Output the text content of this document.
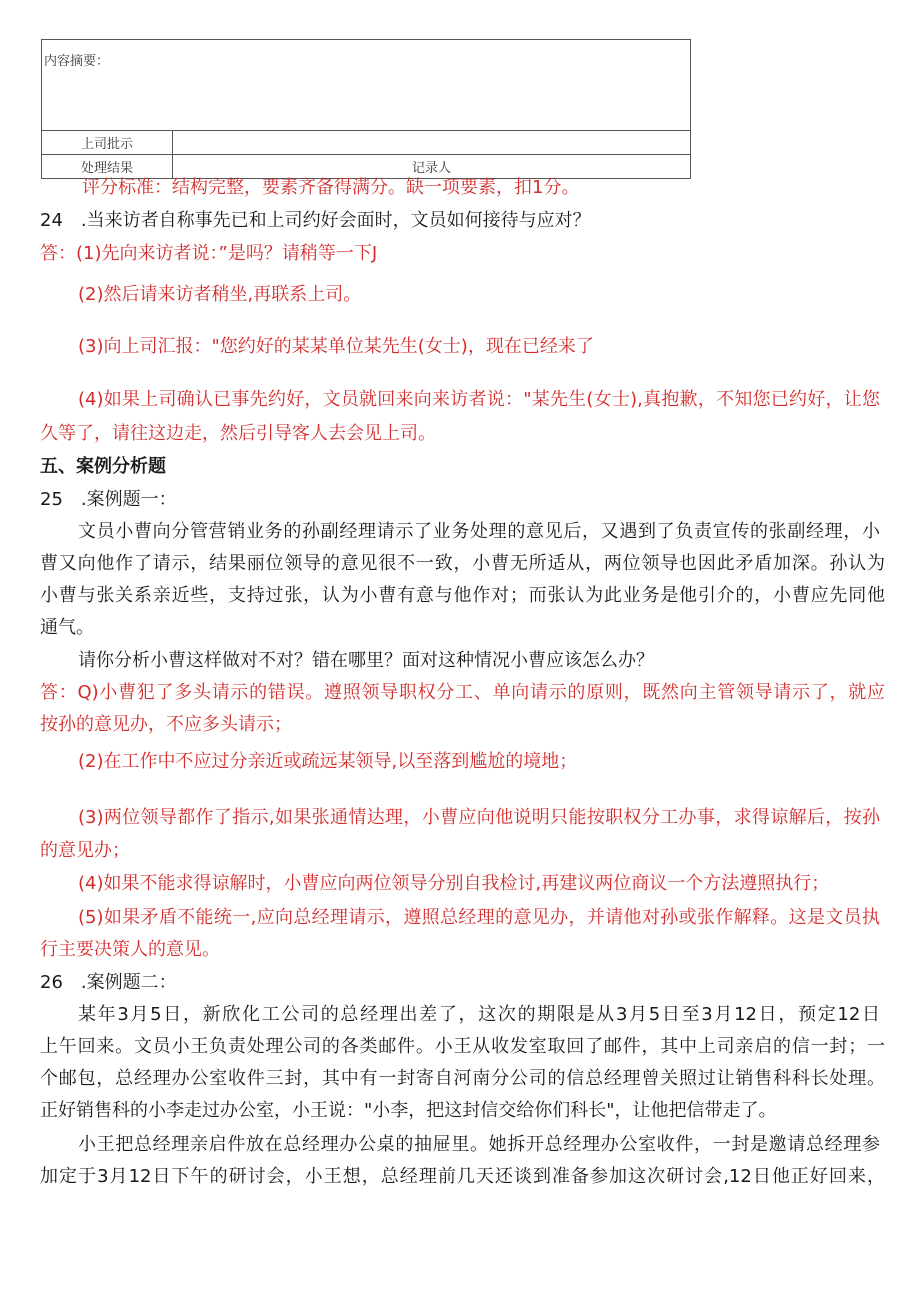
内容摘要：	
上司批示	
处理结果	记录人
评分标准：结构完整，要素齐备得满分。缺一项要素，扣1分。
24　.当来访者自称事先已和上司约好会面时，文员如何接待与应对？
答：(1)先向来访者说：”是吗？请稍等一下J
(2)然后请来访者稍坐,再联系上司。
(3)向上司汇报："您约好的某某单位某先生(女士)，现在已经来了
(4)如果上司确认已事先约好，文员就回来向来访者说："某先生(女士),真抱歉，不知您已约好，让您
久等了，请往这边走，然后引导客人去会见上司。
五、案例分析题
25　.案例题一：
文员小曹向分管营销业务的孙副经理请示了业务处理的意见后，又遇到了负责宣传的张副经理，小
曹又向他作了请示，结果丽位领导的意见很不一致，小曹无所适从，两位领导也因此矛盾加深。孙认为
小曹与张关系亲近些，支持过张，认为小曹有意与他作对；而张认为此业务是他引介的，小曹应先同他
通气。
请你分析小曹这样做对不对？错在哪里？面对这种情况小曹应该怎么办？
答：Q)小曹犯了多头请示的错误。遵照领导职权分工、单向请示的原则，既然向主管领导请示了，就应
按孙的意见办，不应多头请示；
(2)在工作中不应过分亲近或疏远某领导,以至落到尴尬的境地；
(3)两位领导都作了指示,如果张通情达理，小曹应向他说明只能按职权分工办事，求得谅解后，按孙
的意见办；
(4)如果不能求得谅解时，小曹应向两位领导分别自我检讨,再建议两位商议一个方法遵照执行；
(5)如果矛盾不能统一,应向总经理请示，遵照总经理的意见办，并请他对孙或张作解释。这是文员执
行主要决策人的意见。
26　.案例题二：
某年3月5日，新欣化工公司的总经理出差了，这次的期限是从3月5日至3月12日，预定12日
上午回来。文员小王负责处理公司的各类邮件。小王从收发室取回了邮件，其中上司亲启的信一封；一
个邮包，总经理办公室收件三封，其中有一封寄自河南分公司的信总经理曾关照过让销售科科长处理。
正好销售科的小李走过办公室，小王说："小李，把这封信交给你们科长"，让他把信带走了。
小王把总经理亲启件放在总经理办公桌的抽屉里。她拆开总经理办公室收件，一封是邀请总经理参
加定于3月12日下午的研讨会，小王想，总经理前几天还谈到准备参加这次研讨会,12日他正好回来，
